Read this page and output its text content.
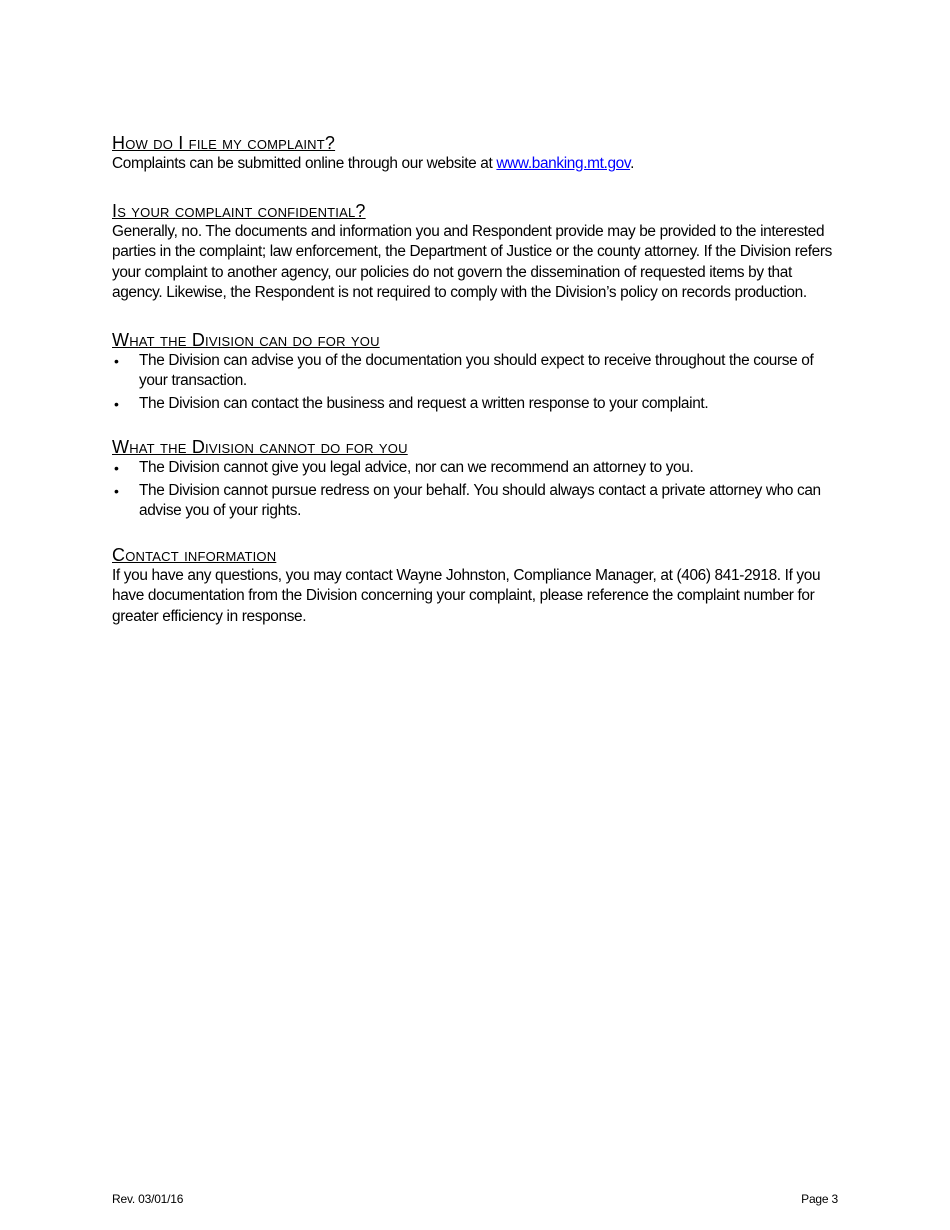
How do I file my complaint?

Complaints can be submitted online through our website at www.banking.mt.gov.

Is your complaint confidential?

Generally, no. The documents and information you and Respondent provide may be provided to the interested parties in the complaint; law enforcement, the Department of Justice or the county attorney. If the Division refers your complaint to another agency, our policies do not govern the dissemination of requested items by that agency. Likewise, the Respondent is not required to comply with the Division’s policy on records production.

What the Division can do for you

• The Division can advise you of the documentation you should expect to receive throughout the course of your transaction.
• The Division can contact the business and request a written response to your complaint.

What the Division cannot do for you

• The Division cannot give you legal advice, nor can we recommend an attorney to you.
• The Division cannot pursue redress on your behalf. You should always contact a private attorney who can advise you of your rights.

Contact information

If you have any questions, you may contact Wayne Johnston, Compliance Manager, at (406) 841-2918. If you have documentation from the Division concerning your complaint, please reference the complaint number for greater efficiency in response.

Rev. 03/01/16	Page 3
